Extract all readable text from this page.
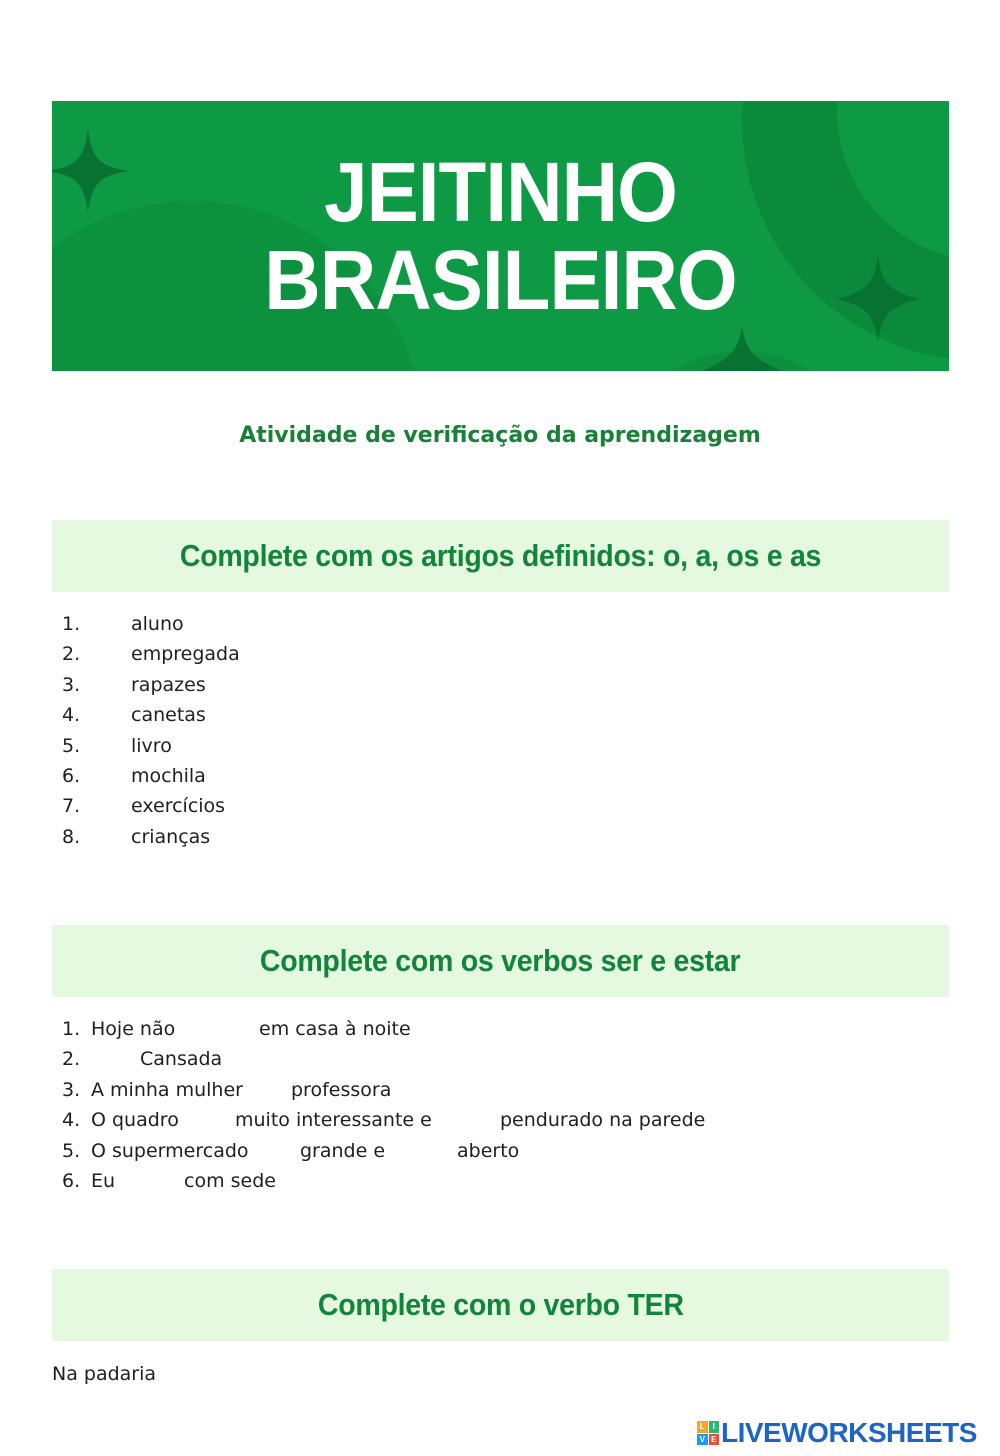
JEITINHO
BRASILEIRO
Atividade de verificação da aprendizagem
Complete com os artigos definidos: o, a, os e as
1.	aluno
2.	empregada
3.	rapazes
4.	canetas
5.	livro
6.	mochila
7.	exercícios
8.	crianças
Complete com os verbos ser e estar
1. Hoje não	em casa à noite
2.	Cansada
3. A minha mulher	professora
4. O quadro	muito interessante e	pendurado na parede
5. O supermercado	grande e	aberto
6. Eu	com sede
Complete com o verbo TER
Na padaria
L I
V E LIVEWORKSHEETS
